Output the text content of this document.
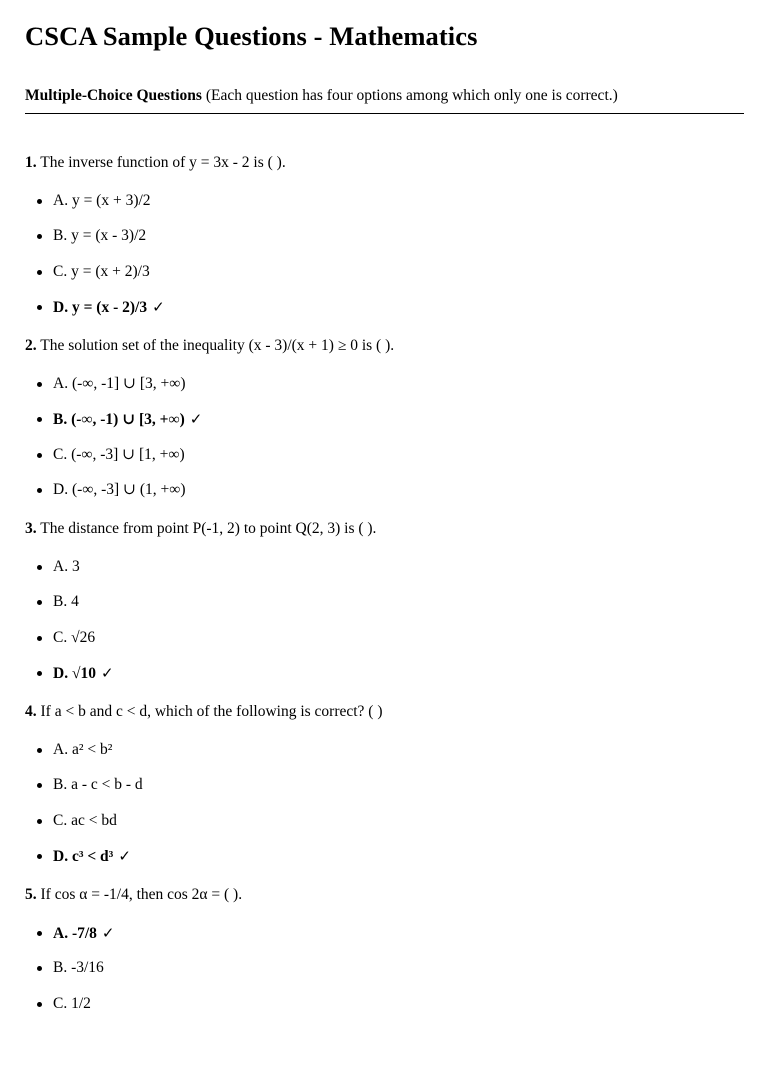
CSCA Sample Questions - Mathematics

Multiple-Choice Questions (Each question has four options among which only one is correct.)

1. The inverse function of y = 3x - 2 is ( ).

A. y = (x + 3)/2
B. y = (x - 3)/2
C. y = (x + 2)/3
D. y = (x - 2)/3 ✓

2. The solution set of the inequality (x - 3)/(x + 1) ≥ 0 is ( ).

A. (-∞, -1] ∪ [3, +∞)
B. (-∞, -1) ∪ [3, +∞) ✓
C. (-∞, -3] ∪ [1, +∞)
D. (-∞, -3] ∪ (1, +∞)

3. The distance from point P(-1, 2) to point Q(2, 3) is ( ).

A. 3
B. 4
C. √26
D. √10 ✓

4. If a < b and c < d, which of the following is correct? ( )

A. a² < b²
B. a - c < b - d
C. ac < bd
D. c³ < d³ ✓

5. If cos α = -1/4, then cos 2α = ( ).

A. -7/8 ✓
B. -3/16
C. 1/2
